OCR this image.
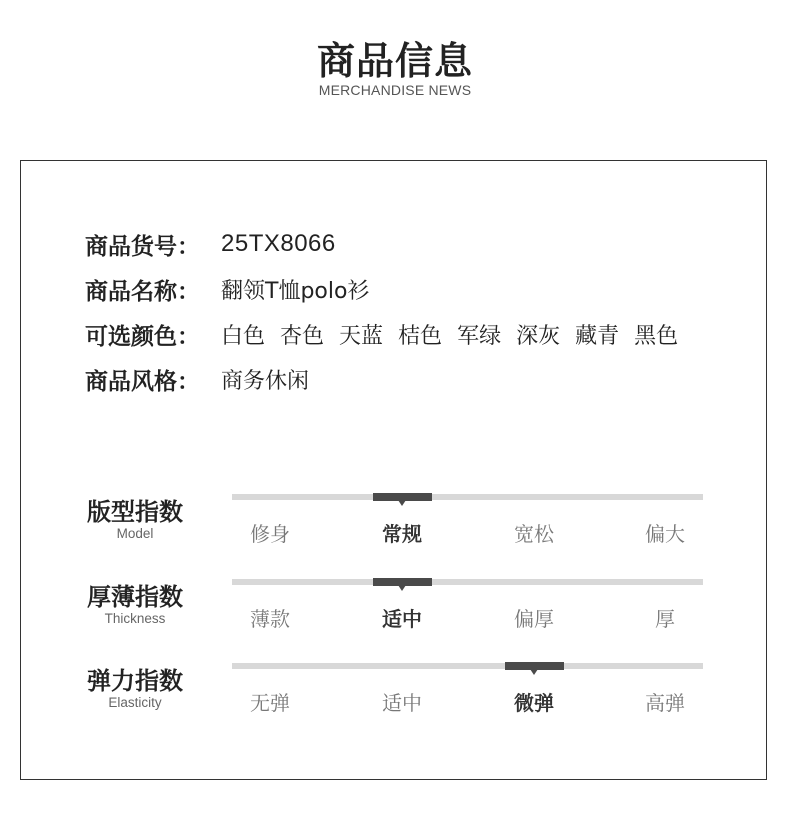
商品信息
MERCHANDISE NEWS
商品货号： 25TX8066
商品名称： 翻领T恤polo衫
可选颜色： 白色 杏色 天蓝 桔色 军绿 深灰 藏青 黑色
商品风格： 商务休闲
版型指数
Model	修身	常规	宽松	偏大
厚薄指数
Thickness	薄款	适中	偏厚	厚
弹力指数
Elasticity	无弹	适中	微弹	高弹
